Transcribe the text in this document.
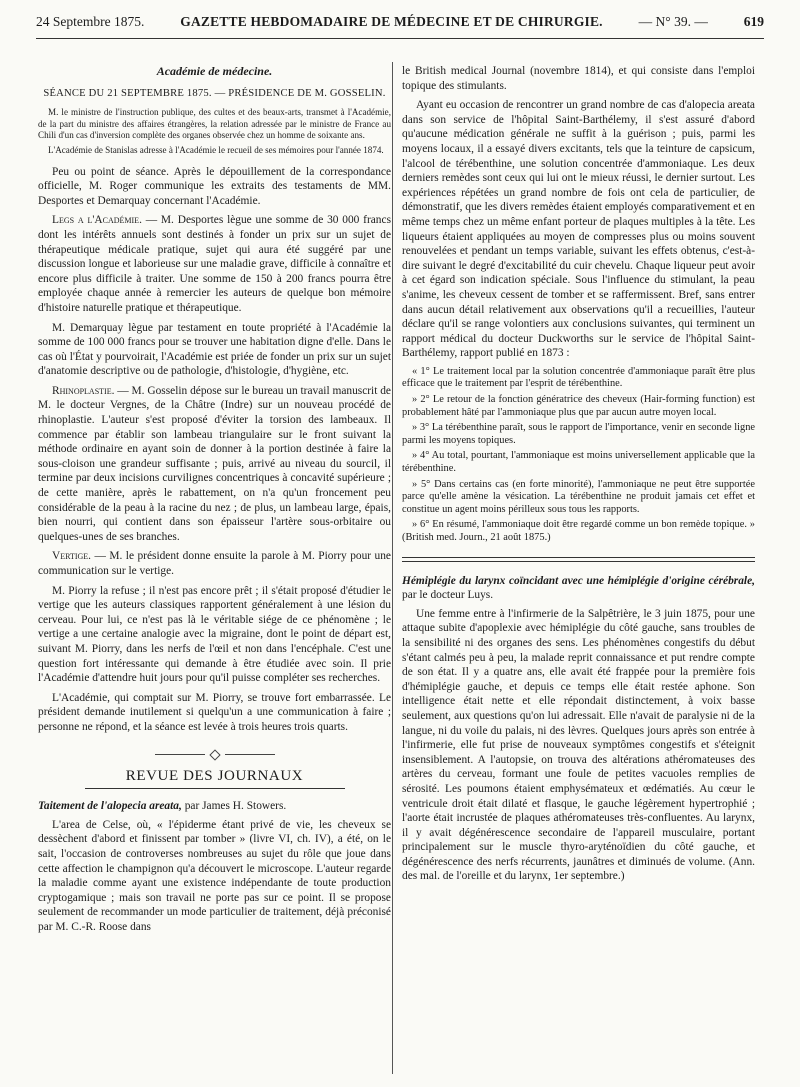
24 Septembre 1875.	GAZETTE HEBDOMADAIRE DE MÉDECINE ET DE CHIRURGIE.	— N° 39. —	619
Académie de médecine.

SÉANCE DU 21 SEPTEMBRE 1875. — PRÉSIDENCE DE M. GOSSELIN.

M. le ministre de l'instruction publique, des cultes et des beaux-arts, transmet à l'Académie, de la part du ministre des affaires étrangères, la relation adressée par le ministre de France au Chili d'un cas d'inversion complète des organes observée chez un homme de soixante ans.

L'Académie de Stanislas adresse à l'Académie le recueil de ses mémoires pour l'année 1874.

Peu ou point de séance. Après le dépouillement de la correspondance officielle, M. Roger communique les extraits des testaments de MM. Desportes et Demarquay concernant l'Académie.

Legs a l'Académie. — M. Desportes lègue une somme de 30 000 francs dont les intérêts annuels sont destinés à fonder un prix sur un sujet de thérapeutique médicale pratique, sujet qui aura été suggéré par une discussion longue et laborieuse sur une maladie grave, difficile à connaître et encore plus difficile à traiter. Une somme de 150 à 200 francs pourra être employée chaque année à remercier les auteurs de quelque bon mémoire d'histoire naturelle pratique et thérapeutique.

M. Demarquay lègue par testament en toute propriété à l'Académie la somme de 100 000 francs pour se trouver une habitation digne d'elle. Dans le cas où l'État y pourvoirait, l'Académie est priée de fonder un prix sur un sujet d'anatomie descriptive ou de pathologie, d'histologie, d'hygiène, etc.

Rhinoplastie. — M. Gosselin dépose sur le bureau un travail manuscrit de M. le docteur Vergnes, de la Châtre (Indre) sur un nouveau procédé de rhinoplastie. L'auteur s'est proposé d'éviter la torsion des lambeaux. Il commence par établir son lambeau triangulaire sur le front suivant la méthode ordinaire en ayant soin de donner à la portion destinée à faire la sous-cloison une grandeur suffisante ; puis, arrivé au niveau du sourcil, il termine par deux incisions curvilignes concentriques à concavité supérieure ; de cette manière, après le rabattement, on n'a qu'un froncement peu considérable de la peau à la racine du nez ; de plus, un lambeau large, épais, bien nourri, qui contient dans son épaisseur l'artère sous-orbitaire ou quelques-unes de ses branches.

Vertige. — M. le président donne ensuite la parole à M. Piorry pour une communication sur le vertige.

M. Piorry la refuse ; il n'est pas encore prêt ; il s'était proposé d'étudier le vertige que les auteurs classiques rapportent généralement à une lésion du cerveau. Pour lui, ce n'est pas là le véritable siége de ce phénomène ; le vertige a une certaine analogie avec la migraine, dont le point de départ est, suivant M. Piorry, dans les nerfs de l'œil et non dans l'encéphale. C'est une question fort intéressante qui demande à être étudiée avec soin. Il prie l'Académie d'attendre huit jours pour qu'il puisse compléter ses recherches.

L'Académie, qui comptait sur M. Piorry, se trouve fort embarrassée. Le président demande inutilement si quelqu'un a une communication à faire ; personne ne répond, et la séance est levée à trois heures trois quarts.

REVUE DES JOURNAUX

Taitement de l'alopecia areata, par James H. Stowers.

L'area de Celse, où, « l'épiderme étant privé de vie, les cheveux se dessèchent d'abord et finissent par tomber » (livre VI, ch. IV), a été, on le sait, l'occasion de controverses nombreuses au sujet du rôle que joue dans cette affection le champignon qu'a découvert le microscope. L'auteur regarde la maladie comme ayant une existence indépendante de toute production cryptogamique ; mais son travail ne porte pas sur ce point. Il se propose seulement de recommander un mode particulier de traitement, déjà préconisé par M. C.-R. Roose dans

le British medical Journal (novembre 1814), et qui consiste dans l'emploi topique des stimulants.

Ayant eu occasion de rencontrer un grand nombre de cas d'alopecia areata dans son service de l'hôpital Saint-Barthélemy, il s'est assuré d'abord qu'aucune médication générale ne suffit à la guérison ; puis, parmi les moyens locaux, il a essayé divers excitants, tels que la teinture de capsicum, l'alcool de térébenthine, une solution concentrée d'ammoniaque. Les deux derniers remèdes sont ceux qui lui ont le mieux réussi, le dernier surtout. Les expériences répétées un grand nombre de fois ont cela de particulier, de démonstratif, que les divers remèdes étaient employés comparativement et en même temps chez un même enfant porteur de plaques multiples à la tête. Les liqueurs étaient appliquées au moyen de compresses plus ou moins souvent renouvelées et pendant un temps variable, suivant les effets obtenus, c'est-à-dire suivant le degré d'excitabilité du cuir chevelu. Chaque liqueur peut avoir à cet égard son indication spéciale. Sous l'influence du stimulant, la peau s'anime, les cheveux cessent de tomber et se raffermissent. Bref, sans entrer dans aucun détail relativement aux observations qu'il a recueillies, l'auteur déclare qu'il se range volontiers aux conclusions suivantes, qui terminent un rapport médical du docteur Duckworths sur le service de l'hôpital Saint-Barthélemy, rapport publié en 1873 :

« 1° Le traitement local par la solution concentrée d'ammoniaque paraît être plus efficace que le traitement par l'esprit de térébenthine.

» 2° Le retour de la fonction génératrice des cheveux (Hair-forming function) est probablement hâté par l'ammoniaque plus que par aucun autre moyen local.

» 3° La térébenthine paraît, sous le rapport de l'importance, venir en seconde ligne parmi les moyens topiques.

» 4° Au total, pourtant, l'ammoniaque est moins universellement applicable que la térébenthine.

» 5° Dans certains cas (en forte minorité), l'ammoniaque ne peut être supportée parce qu'elle amène la vésication. La térébenthine ne produit jamais cet effet et constitue un agent moins périlleux sous tous les rapports.

» 6° En résumé, l'ammoniaque doit être regardé comme un bon remède topique. » (British med. Journ., 21 août 1875.)

Hémiplégie du larynx coïncidant avec une hémiplégie d'origine cérébrale, par le docteur Luys.

Une femme entre à l'infirmerie de la Salpêtrière, le 3 juin 1875, pour une attaque subite d'apoplexie avec hémiplégie du côté gauche, sans troubles de la sensibilité ni des organes des sens. Les phénomènes congestifs du début s'étant calmés peu à peu, la malade reprit connaissance et put rendre compte de son état. Il y a quatre ans, elle avait été frappée pour la première fois d'hémiplégie gauche, et depuis ce temps elle était restée aphone. Son intelligence était nette et elle répondait distinctement, à voix basse seulement, aux questions qu'on lui adressait. Elle n'avait de paralysie ni de la langue, ni du voile du palais, ni des lèvres. Quelques jours après son entrée à l'infirmerie, elle fut prise de nouveaux symptômes congestifs et s'éteignit insensiblement. A l'autopsie, on trouva des altérations athéromateuses des artères du cerveau, formant une foule de petites vacuoles remplies de sérosité. Les poumons étaient emphysémateux et œdématiés. Au cœur le ventricule droit était dilaté et flasque, le gauche légèrement hypertrophié ; l'aorte était incrustée de plaques athéromateuses très-confluentes. Au larynx, il y avait dégénérescence secondaire de l'appareil musculaire, portant principalement sur le muscle thyro-aryténoïdien du côté gauche, et dégénérescence des nerfs récurrents, jaunâtres et diminués de volume. (Ann. des mal. de l'oreille et du larynx, 1er septembre.)
